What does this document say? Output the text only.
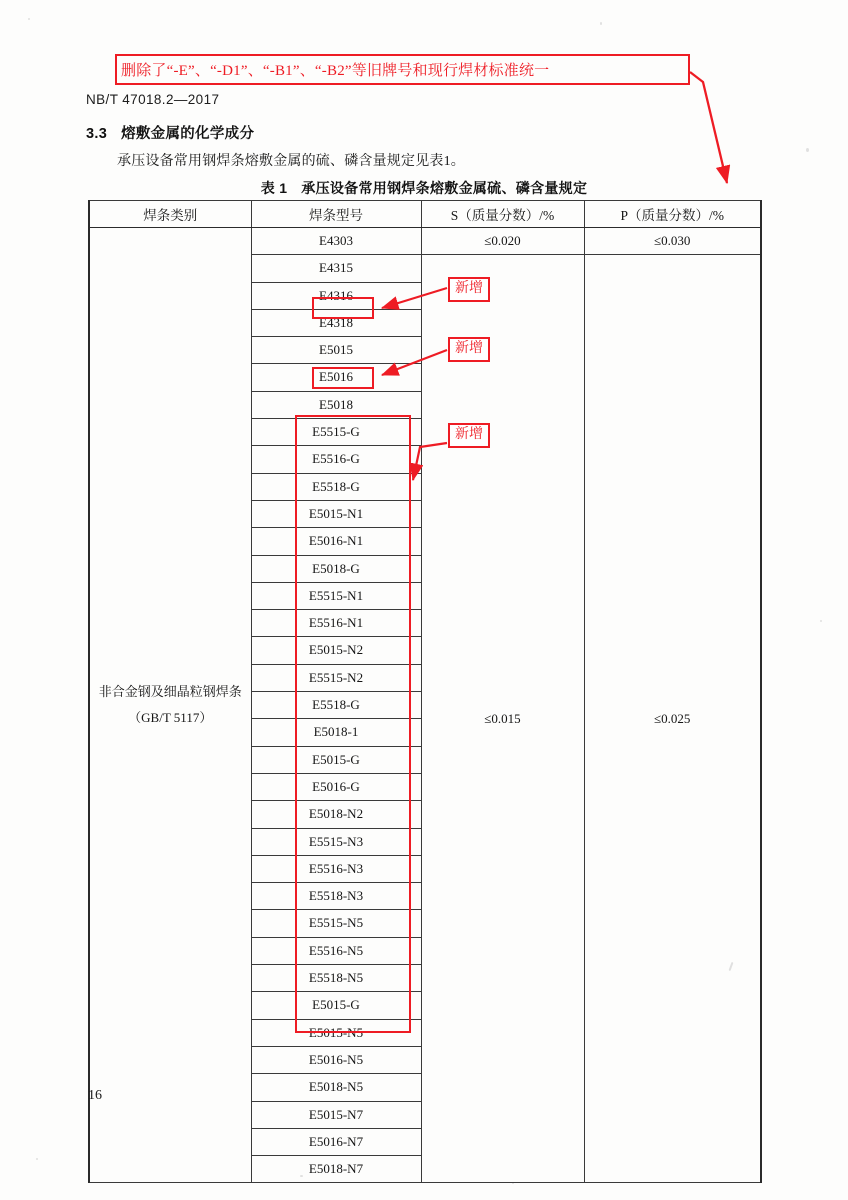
删除了“-E”、“-D1”、“-B1”、“-B2”等旧牌号和现行焊材标准统一
NB/T 47018.2—2017
3.3 熔敷金属的化学成分
承压设备常用钢焊条熔敷金属的硫、磷含量规定见表1。
表 1 承压设备常用钢焊条熔敷金属硫、磷含量规定
焊条类别	焊条型号	S（质量分数）/%	P（质量分数）/%
非合金钢及细晶粒钢焊条
（GB/T 5117）	E4303	≤0.020	≤0.030
	E4315	≤0.015	≤0.025
	E4316		
	E4318		
	E5015		
	E5016		
	E5018		
	E5515-G		
	E5516-G		
	E5518-G		
	E5015-N1		
	E5016-N1		
	E5018-G		
	E5515-N1		
	E5516-N1		
	E5015-N2		
	E5515-N2		
	E5518-G		
	E5018-1		
	E5015-G		
	E5016-G		
	E5018-N2		
	E5515-N3		
	E5516-N3		
	E5518-N3		
	E5515-N5		
	E5516-N5		
	E5518-N5		
	E5015-G		
	E5015-N5		
	E5016-N5		
	E5018-N5		
	E5015-N7		
	E5016-N7		
	E5018-N7		
新增
新增
新增
16
